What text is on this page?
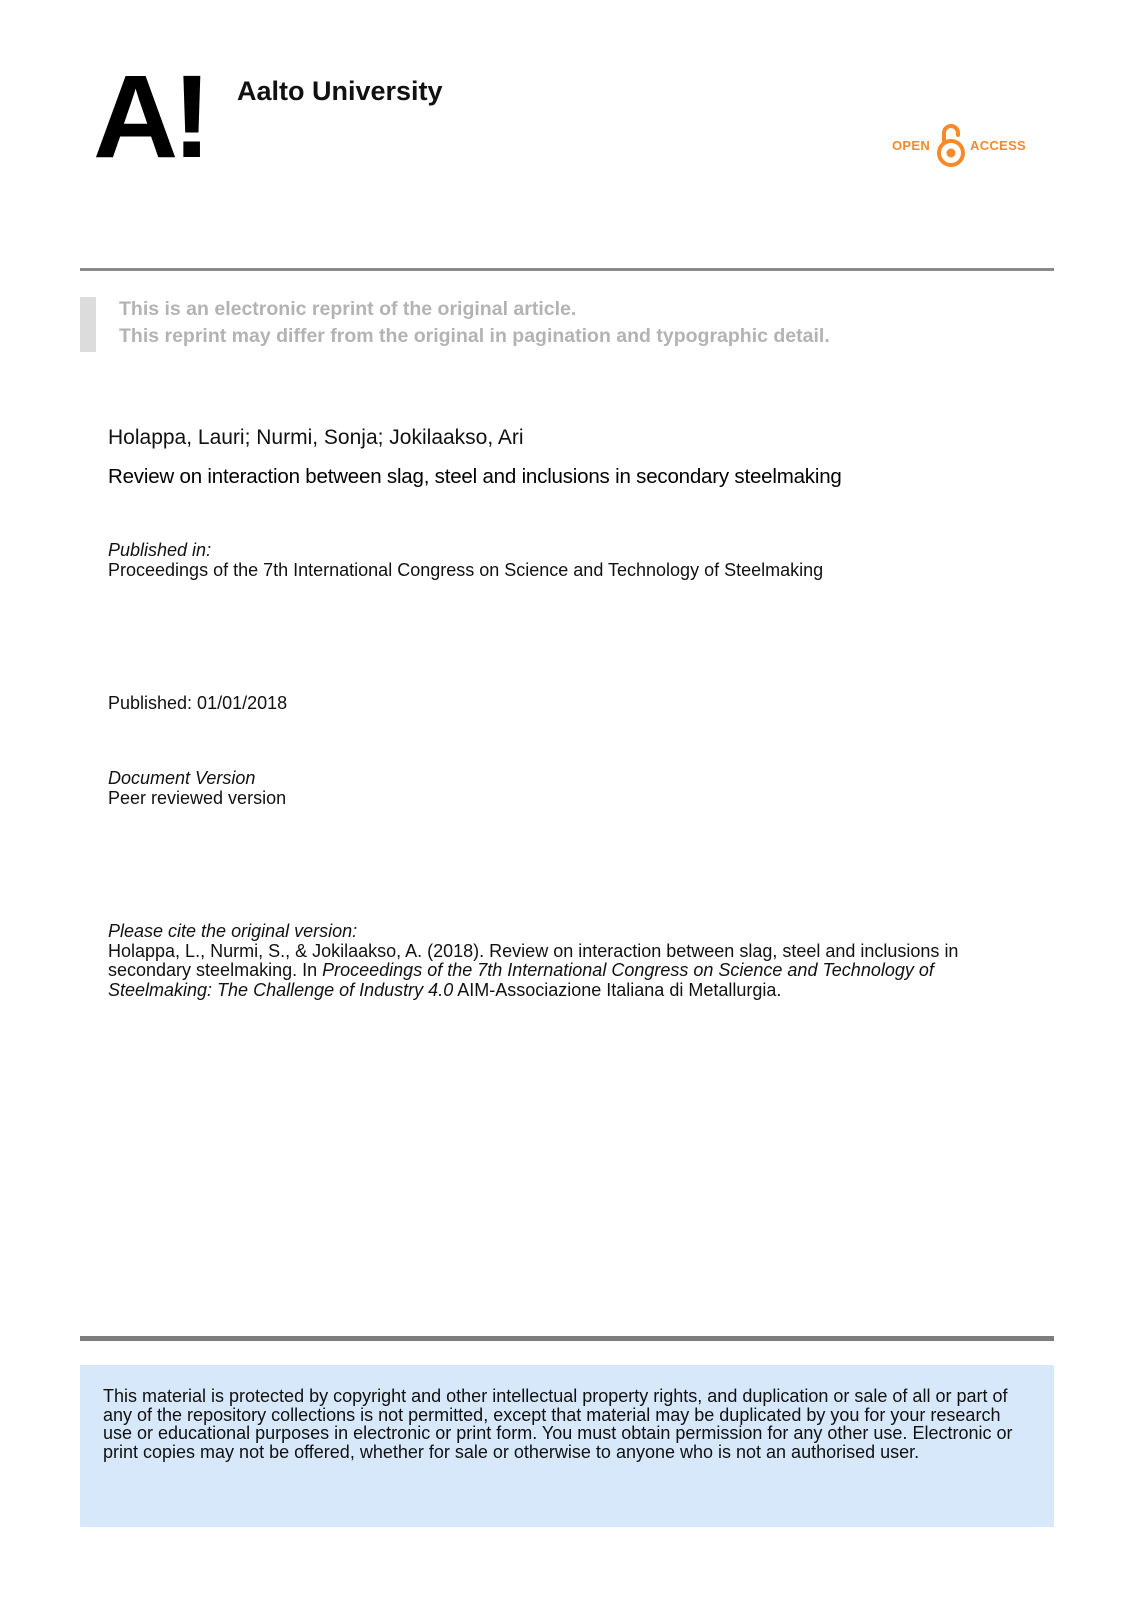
A! Aalto University
OPEN	ACCESS
This is an electronic reprint of the original article.
This reprint may differ from the original in pagination and typographic detail.
Holappa, Lauri; Nurmi, Sonja; Jokilaakso, Ari
Review on interaction between slag, steel and inclusions in secondary steelmaking
Published in:
Proceedings of the 7th International Congress on Science and Technology of Steelmaking
Published: 01/01/2018
Document Version
Peer reviewed version
Please cite the original version:
Holappa, L., Nurmi, S., & Jokilaakso, A. (2018). Review on interaction between slag, steel and inclusions in secondary steelmaking. In Proceedings of the 7th International Congress on Science and Technology of Steelmaking: The Challenge of Industry 4.0 AIM-Associazione Italiana di Metallurgia.
This material is protected by copyright and other intellectual property rights, and duplication or sale of all or part of any of the repository collections is not permitted, except that material may be duplicated by you for your research use or educational purposes in electronic or print form. You must obtain permission for any other use. Electronic or print copies may not be offered, whether for sale or otherwise to anyone who is not an authorised user.
